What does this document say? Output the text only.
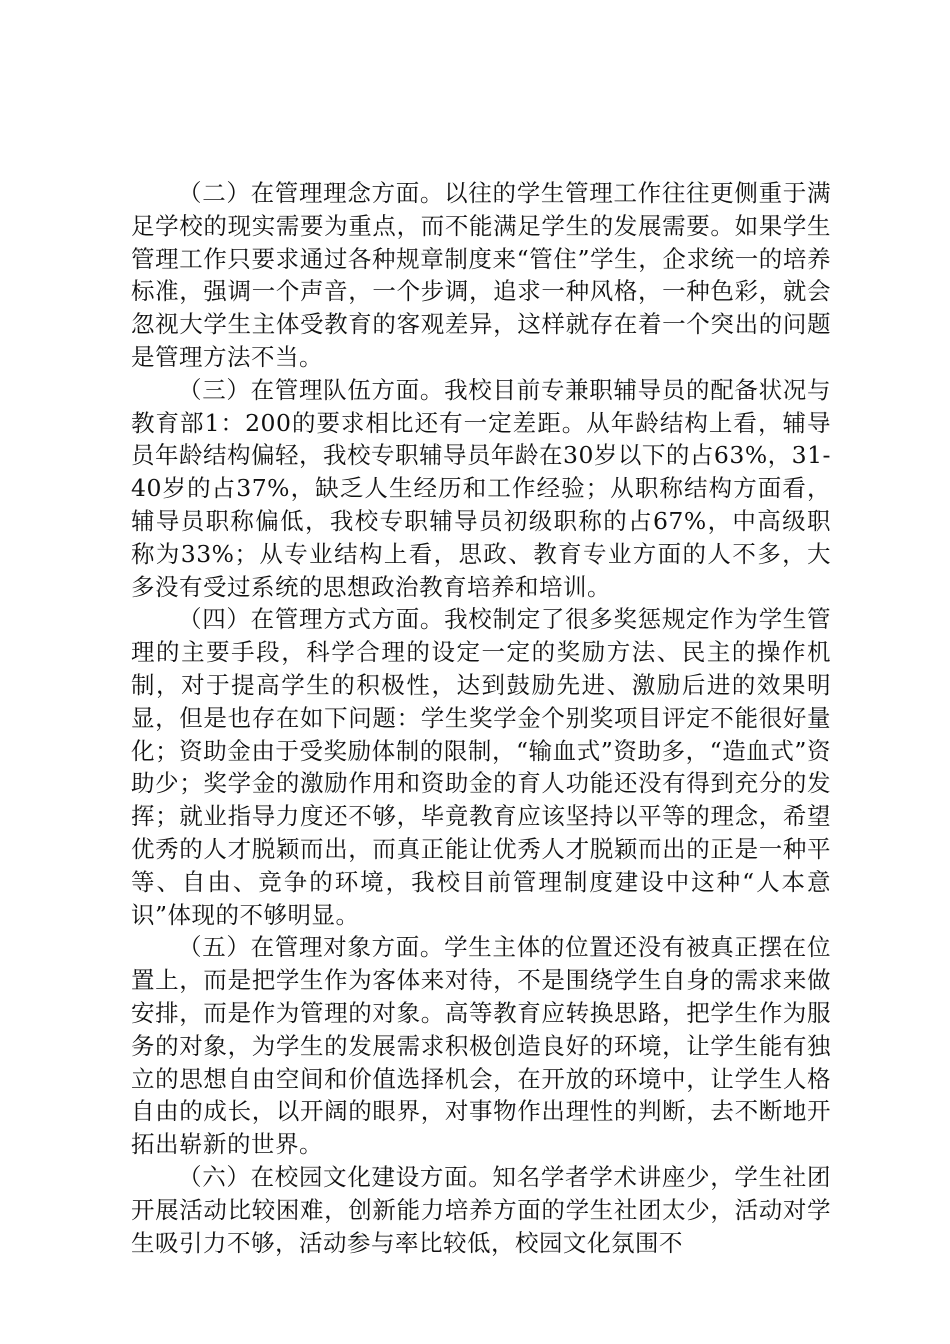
（二）在管理理念方面。以往的学生管理工作往往更侧重于满足学校的现实需要为重点，而不能满足学生的发展需要。如果学生管理工作只要求通过各种规章制度来“管住”学生，企求统一的培养标准，强调一个声音，一个步调，追求一种风格，一种色彩，就会忽视大学生主体受教育的客观差异，这样就存在着一个突出的问题是管理方法不当。

（三）在管理队伍方面。我校目前专兼职辅导员的配备状况与教育部1：200的要求相比还有一定差距。从年龄结构上看，辅导员年龄结构偏轻，我校专职辅导员年龄在30岁以下的占63%，31-40岁的占37%，缺乏人生经历和工作经验；从职称结构方面看，辅导员职称偏低，我校专职辅导员初级职称的占67%，中高级职称为33%；从专业结构上看，思政、教育专业方面的人不多，大多没有受过系统的思想政治教育培养和培训。

（四）在管理方式方面。我校制定了很多奖惩规定作为学生管理的主要手段，科学合理的设定一定的奖励方法、民主的操作机制，对于提高学生的积极性，达到鼓励先进、激励后进的效果明显，但是也存在如下问题：学生奖学金个别奖项目评定不能很好量化；资助金由于受奖励体制的限制，“输血式”资助多，“造血式”资助少；奖学金的激励作用和资助金的育人功能还没有得到充分的发挥；就业指导力度还不够，毕竟教育应该坚持以平等的理念，希望优秀的人才脱颖而出，而真正能让优秀人才脱颖而出的正是一种平等、自由、竞争的环境，我校目前管理制度建设中这种“人本意识”体现的不够明显。

（五）在管理对象方面。学生主体的位置还没有被真正摆在位置上，而是把学生作为客体来对待，不是围绕学生自身的需求来做安排，而是作为管理的对象。高等教育应转换思路，把学生作为服务的对象，为学生的发展需求积极创造良好的环境，让学生能有独立的思想自由空间和价值选择机会，在开放的环境中，让学生人格自由的成长，以开阔的眼界，对事物作出理性的判断，去不断地开拓出崭新的世界。

（六）在校园文化建设方面。知名学者学术讲座少，学生社团开展活动比较困难，创新能力培养方面的学生社团太少，活动对学生吸引力不够，活动参与率比较低，校园文化氛围不
